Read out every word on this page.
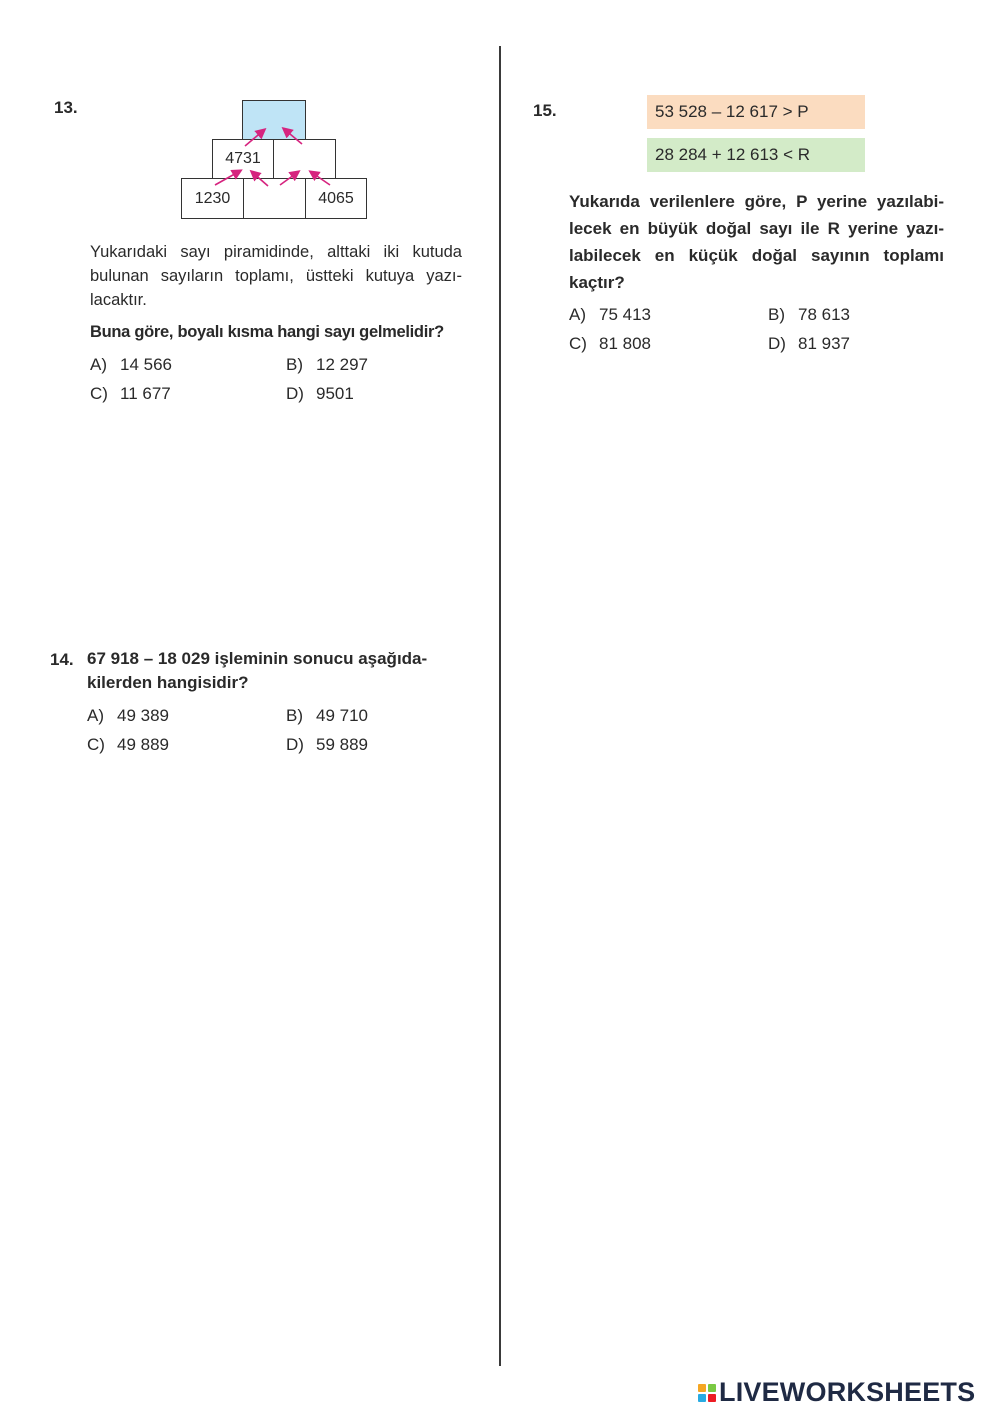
13.
4731
1230	4065
Yukarıdaki sayı piramidinde, alttaki iki kutuda
bulunan sayıların toplamı, üstteki kutuya yazı-
lacaktır.
Buna göre, boyalı kısma hangi sayı gelmelidir?
A) 14 566	B) 12 297
C) 11 677	D) 9501
14. 67 918 – 18 029 işleminin sonucu aşağıda-
kilerden hangisidir?
A) 49 389	B) 49 710
C) 49 889	D) 59 889
15.	53 528 – 12 617 > P
28 284 + 12 613 < R
Yukarıda verilenlere göre, P yerine yazılabi-
lecek en büyük doğal sayı ile R yerine yazı-
labilecek en küçük doğal sayının toplamı
kaçtır?
A) 75 413	B) 78 613
C) 81 808	D) 81 937
LIVEWORKSHEETS
